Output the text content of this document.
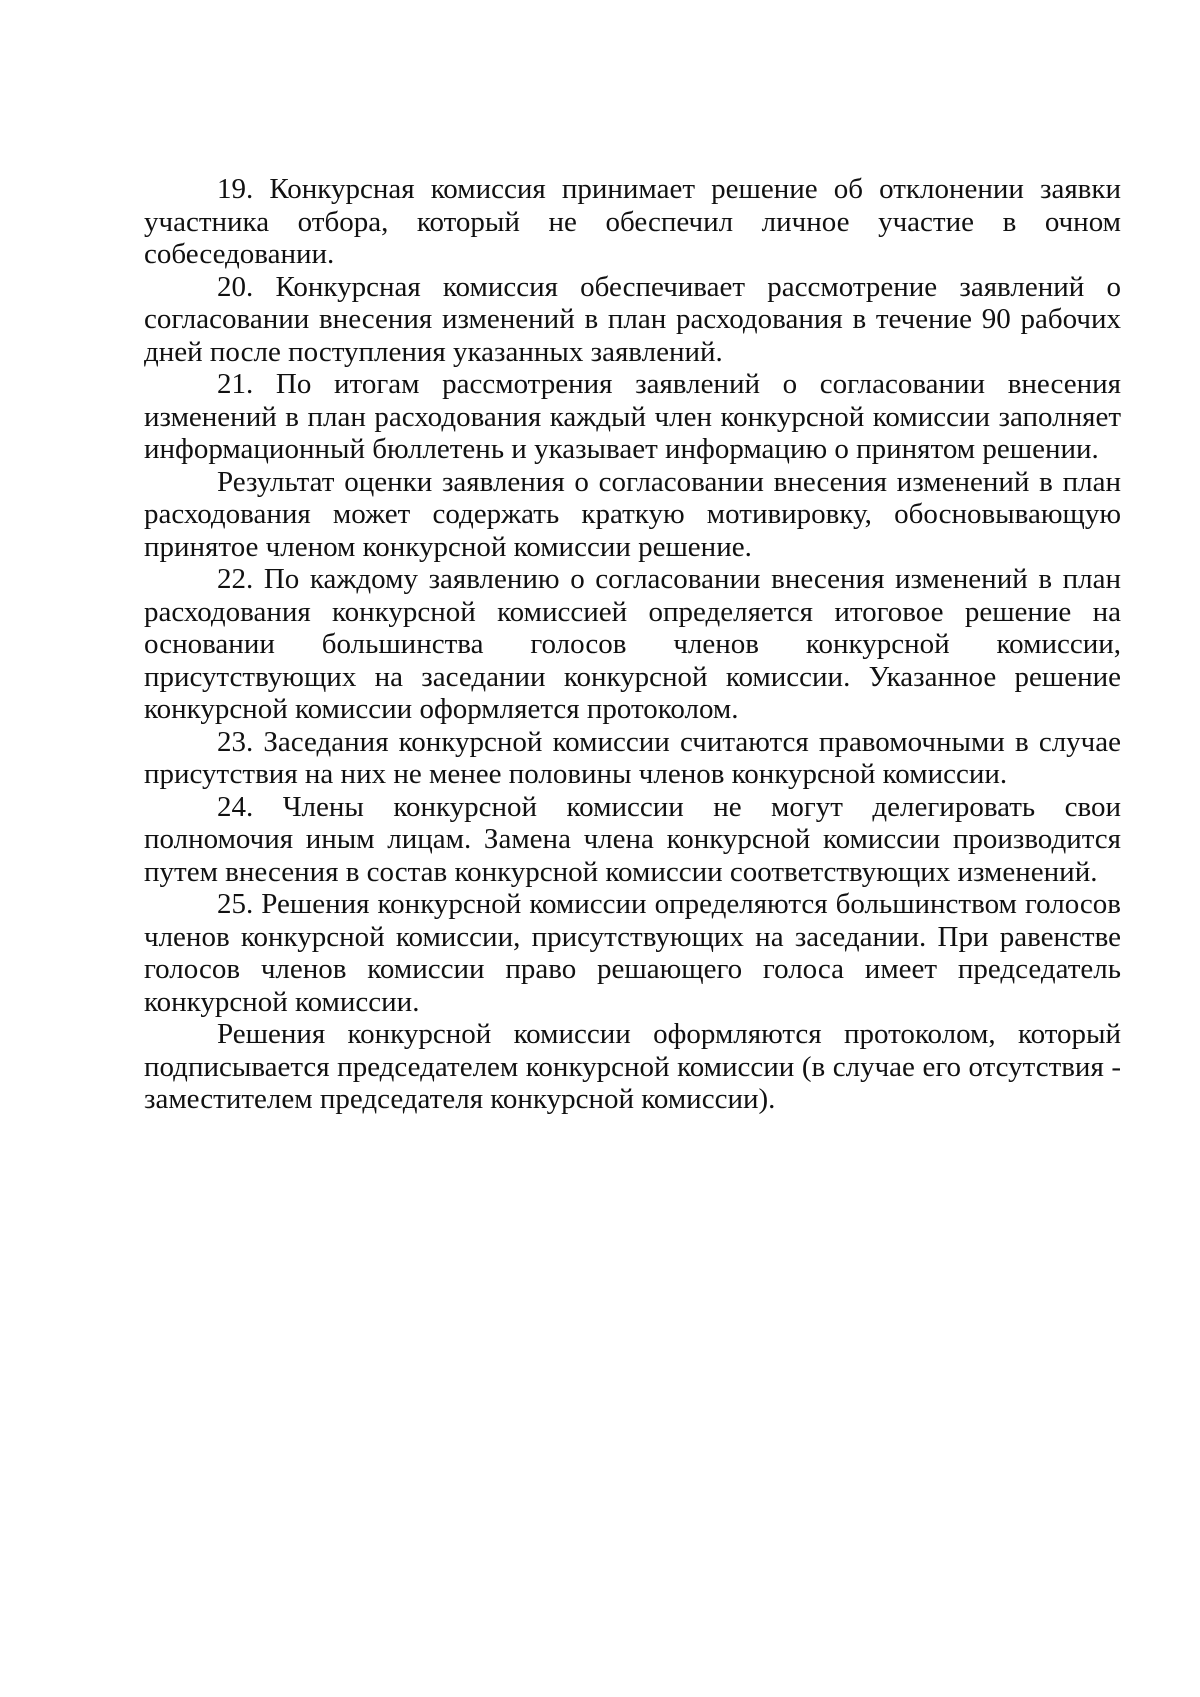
19. Конкурсная комиссия принимает решение об отклонении заявки участника отбора, который не обеспечил личное участие в очном собеседовании.

20. Конкурсная комиссия обеспечивает рассмотрение заявлений о согласовании внесения изменений в план расходования в течение 90 рабочих дней после поступления указанных заявлений.

21. По итогам рассмотрения заявлений о согласовании внесения изменений в план расходования каждый член конкурсной комиссии заполняет информационный бюллетень и указывает информацию о принятом решении.

Результат оценки заявления о согласовании внесения изменений в план расходования может содержать краткую мотивировку, обосновывающую принятое членом конкурсной комиссии решение.

22. По каждому заявлению о согласовании внесения изменений в план расходования конкурсной комиссией определяется итоговое решение на основании большинства голосов членов конкурсной комиссии, присутствующих на заседании конкурсной комиссии. Указанное решение конкурсной комиссии оформляется протоколом.

23. Заседания конкурсной комиссии считаются правомочными в случае присутствия на них не менее половины членов конкурсной комиссии.

24. Члены конкурсной комиссии не могут делегировать свои полномочия иным лицам. Замена члена конкурсной комиссии производится путем внесения в состав конкурсной комиссии соответствующих изменений.

25. Решения конкурсной комиссии определяются большинством голосов членов конкурсной комиссии, присутствующих на заседании. При равенстве голосов членов комиссии право решающего голоса имеет председатель конкурсной комиссии.

Решения конкурсной комиссии оформляются протоколом, который подписывается председателем конкурсной комиссии (в случае его отсутствия - заместителем председателя конкурсной комиссии).
